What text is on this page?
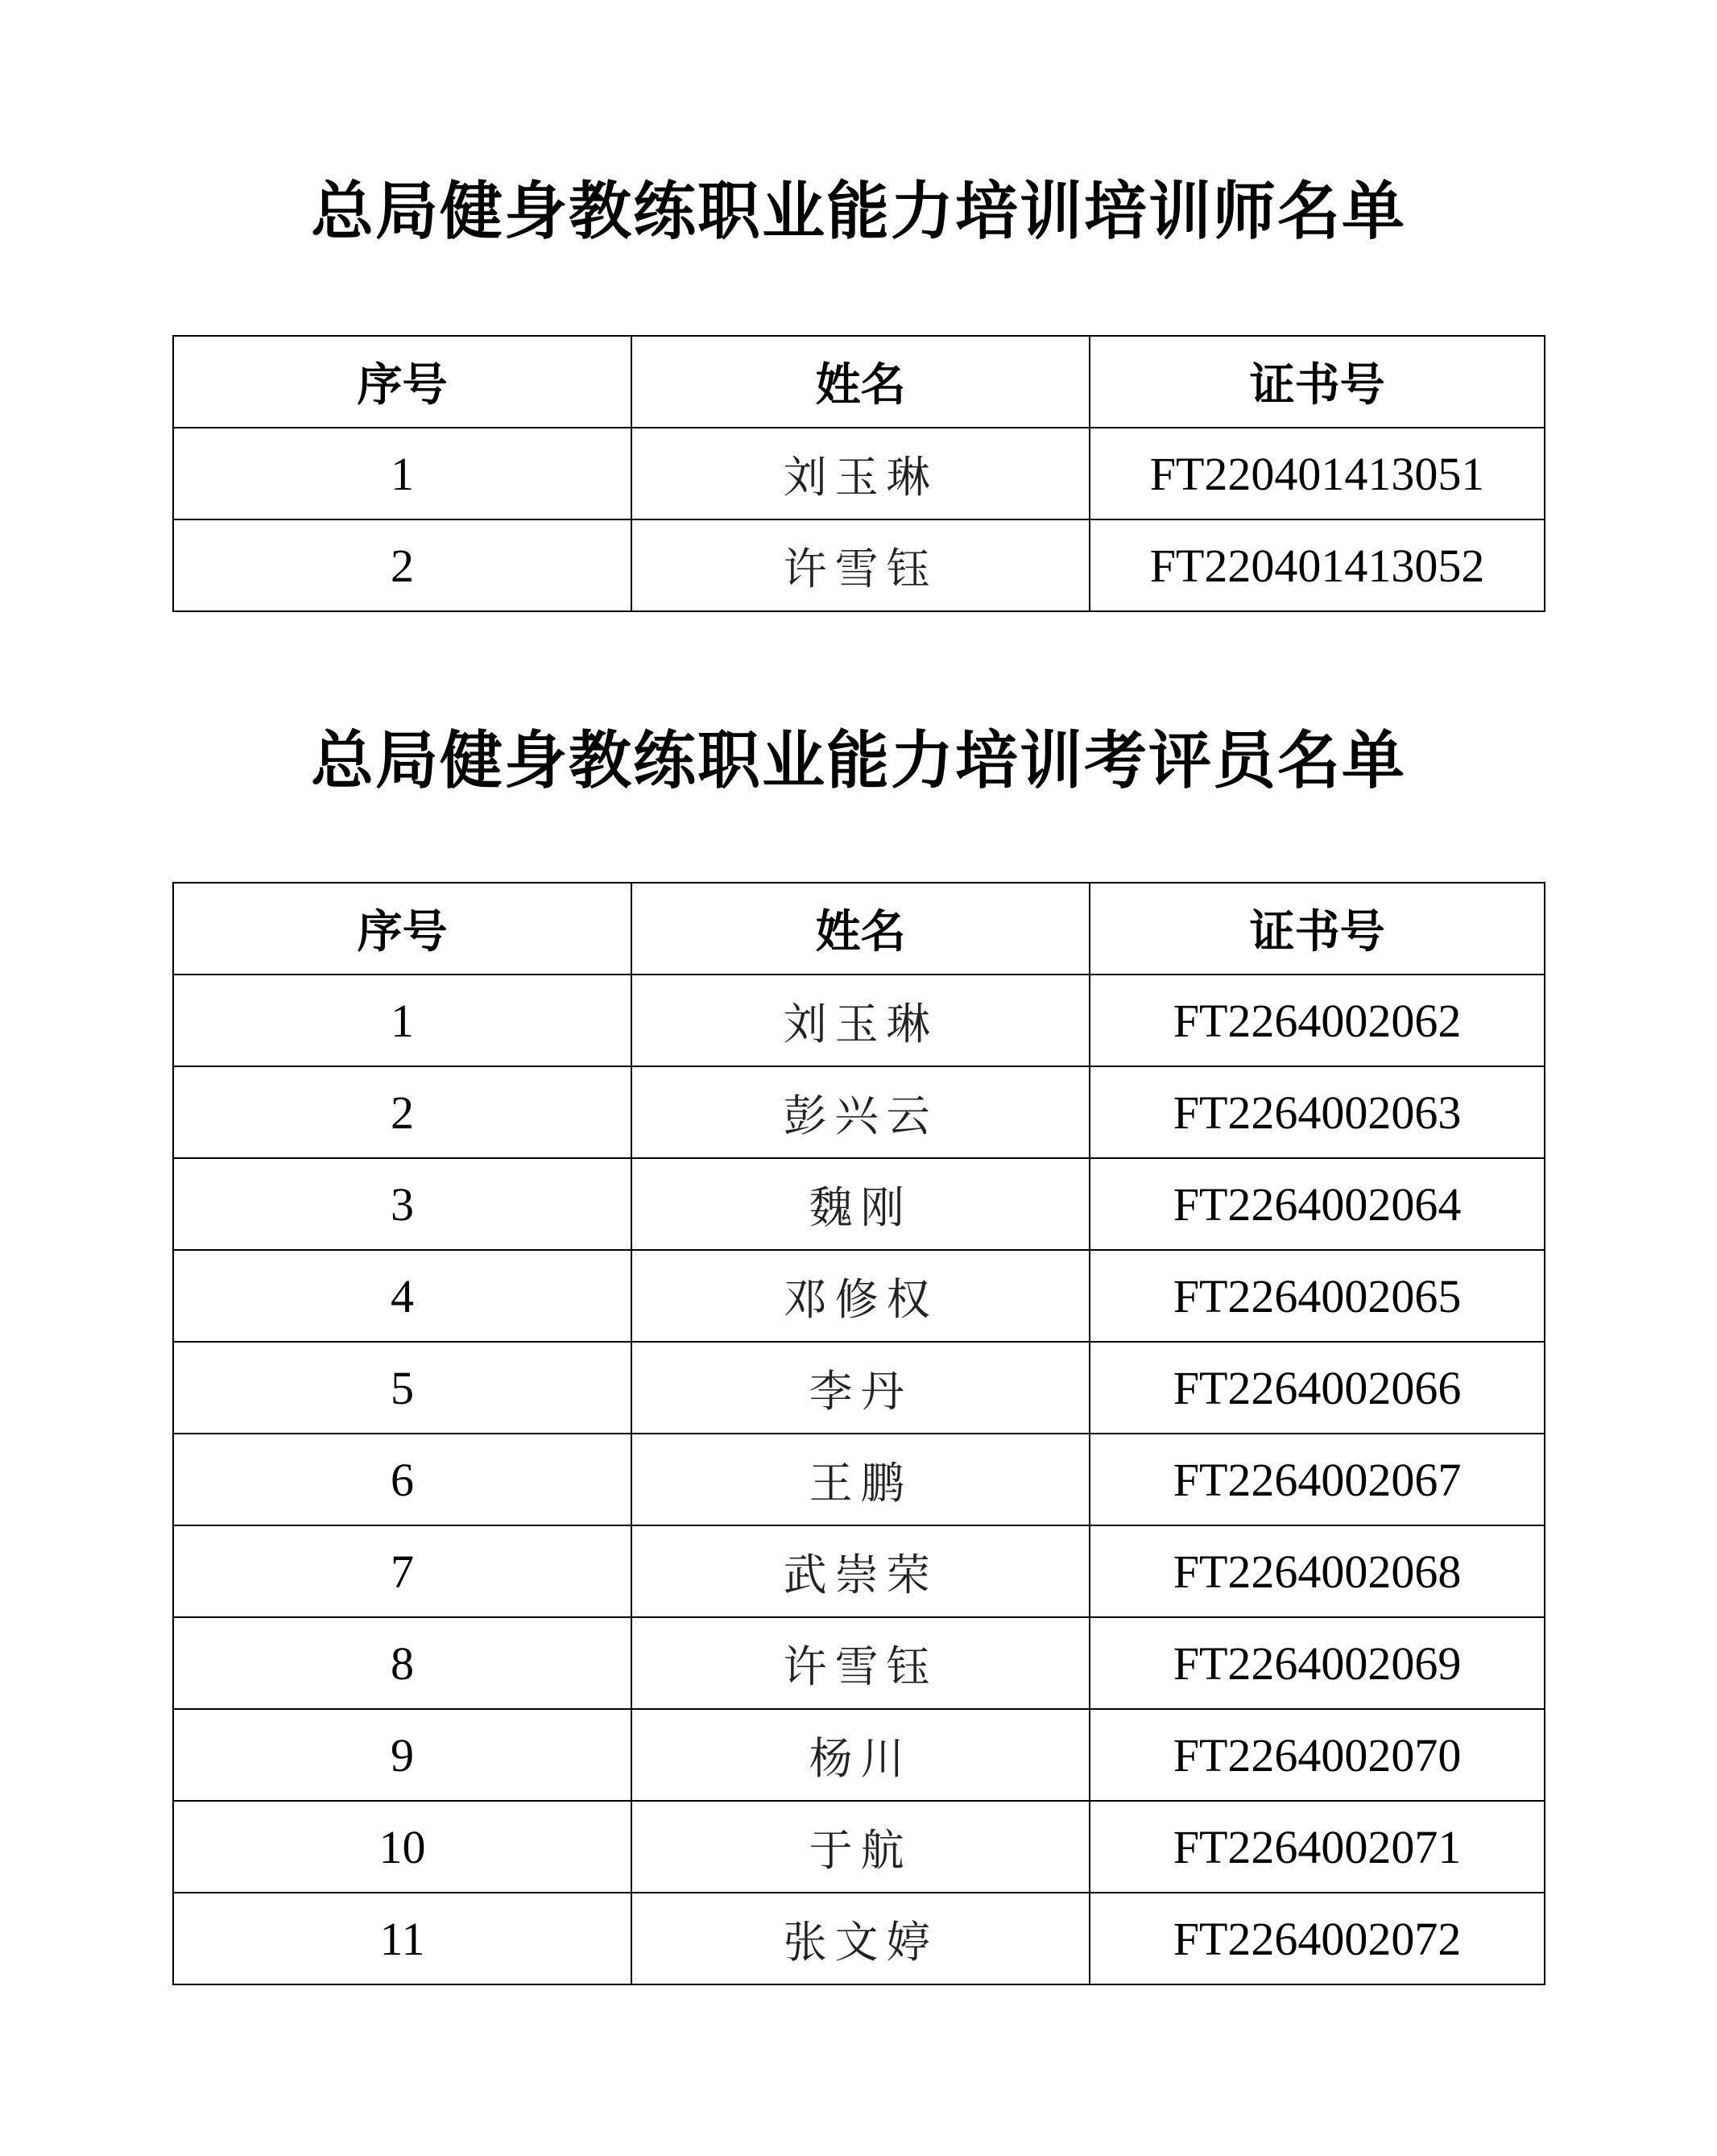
总局健身教练职业能力培训培训师名单
序号	姓名	证书号
1	刘玉琳	FT220401413051
2	许雪钰	FT220401413052
总局健身教练职业能力培训考评员名单
序号	姓名	证书号
1	刘玉琳	FT2264002062
2	彭兴云	FT2264002063
3	魏刚	FT2264002064
4	邓修权	FT2264002065
5	李丹	FT2264002066
6	王鹏	FT2264002067
7	武崇荣	FT2264002068
8	许雪钰	FT2264002069
9	杨川	FT2264002070
10	于航	FT2264002071
11	张文婷	FT2264002072
